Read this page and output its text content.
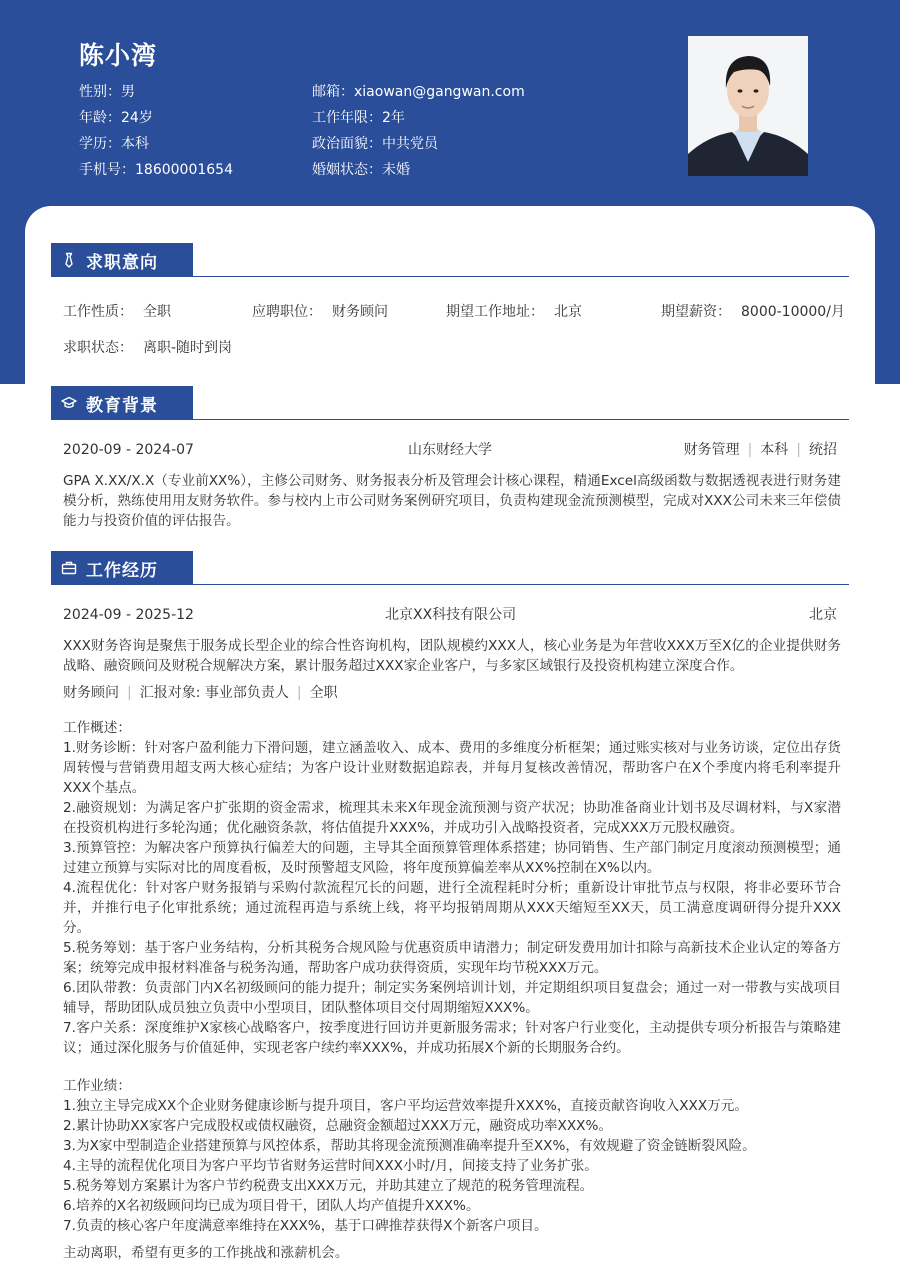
陈小湾
性别：男
年龄：24岁
学历：本科
手机号：18600001654
邮箱：xiaowan@gangwan.com
工作年限：2年
政治面貌：中共党员
婚姻状态：未婚
求职意向
工作性质： 全职	应聘职位： 财务顾问	期望工作地址： 北京	期望薪资： 8000-10000/月
求职状态： 离职-随时到岗
教育背景
2020-09 - 2024-07	山东财经大学	财务管理 | 本科 | 统招
GPA X.XX/X.X（专业前XX%），主修公司财务、财务报表分析及管理会计核心课程，精通Excel高级函数与数据透视表进行财务建模分析，熟练使用用友财务软件。参与校内上市公司财务案例研究项目，负责构建现金流预测模型，完成对XXX公司未来三年偿债能力与投资价值的评估报告。
工作经历
2024-09 - 2025-12	北京XX科技有限公司	北京
XXX财务咨询是聚焦于服务成长型企业的综合性咨询机构，团队规模约XXX人，核心业务是为年营收XXX万至X亿的企业提供财务战略、融资顾问及财税合规解决方案，累计服务超过XXX家企业客户，与多家区域银行及投资机构建立深度合作。
财务顾问 | 汇报对象: 事业部负责人 | 全职
工作概述：
1.财务诊断：针对客户盈利能力下滑问题，建立涵盖收入、成本、费用的多维度分析框架；通过账实核对与业务访谈，定位出存货周转慢与营销费用超支两大核心症结；为客户设计业财数据追踪表，并每月复核改善情况，帮助客户在X个季度内将毛利率提升XXX个基点。
2.融资规划：为满足客户扩张期的资金需求，梳理其未来X年现金流预测与资产状况；协助准备商业计划书及尽调材料，与X家潜在投资机构进行多轮沟通；优化融资条款，将估值提升XXX%，并成功引入战略投资者，完成XXX万元股权融资。
3.预算管控：为解决客户预算执行偏差大的问题，主导其全面预算管理体系搭建；协同销售、生产部门制定月度滚动预测模型；通过建立预算与实际对比的周度看板，及时预警超支风险，将年度预算偏差率从XX%控制在X%以内。
4.流程优化：针对客户财务报销与采购付款流程冗长的问题，进行全流程耗时分析；重新设计审批节点与权限，将非必要环节合并，并推行电子化审批系统；通过流程再造与系统上线，将平均报销周期从XXX天缩短至XX天，员工满意度调研得分提升XXX分。
5.税务筹划：基于客户业务结构，分析其税务合规风险与优惠资质申请潜力；制定研发费用加计扣除与高新技术企业认定的筹备方案；统筹完成申报材料准备与税务沟通，帮助客户成功获得资质，实现年均节税XXX万元。
6.团队带教：负责部门内X名初级顾问的能力提升；制定实务案例培训计划，并定期组织项目复盘会；通过一对一带教与实战项目辅导，帮助团队成员独立负责中小型项目，团队整体项目交付周期缩短XXX%。
7.客户关系：深度维护X家核心战略客户，按季度进行回访并更新服务需求；针对客户行业变化，主动提供专项分析报告与策略建议；通过深化服务与价值延伸，实现老客户续约率XXX%，并成功拓展X个新的长期服务合约。
工作业绩：
1.独立主导完成XX个企业财务健康诊断与提升项目，客户平均运营效率提升XXX%，直接贡献咨询收入XXX万元。
2.累计协助XX家客户完成股权或债权融资，总融资金额超过XXX万元，融资成功率XXX%。
3.为X家中型制造企业搭建预算与风控体系，帮助其将现金流预测准确率提升至XX%，有效规避了资金链断裂风险。
4.主导的流程优化项目为客户平均节省财务运营时间XXX小时/月，间接支持了业务扩张。
5.税务筹划方案累计为客户节约税费支出XXX万元，并助其建立了规范的税务管理流程。
6.培养的X名初级顾问均已成为项目骨干，团队人均产值提升XXX%。
7.负责的核心客户年度满意率维持在XXX%，基于口碑推荐获得X个新客户项目。
主动离职，希望有更多的工作挑战和涨薪机会。
